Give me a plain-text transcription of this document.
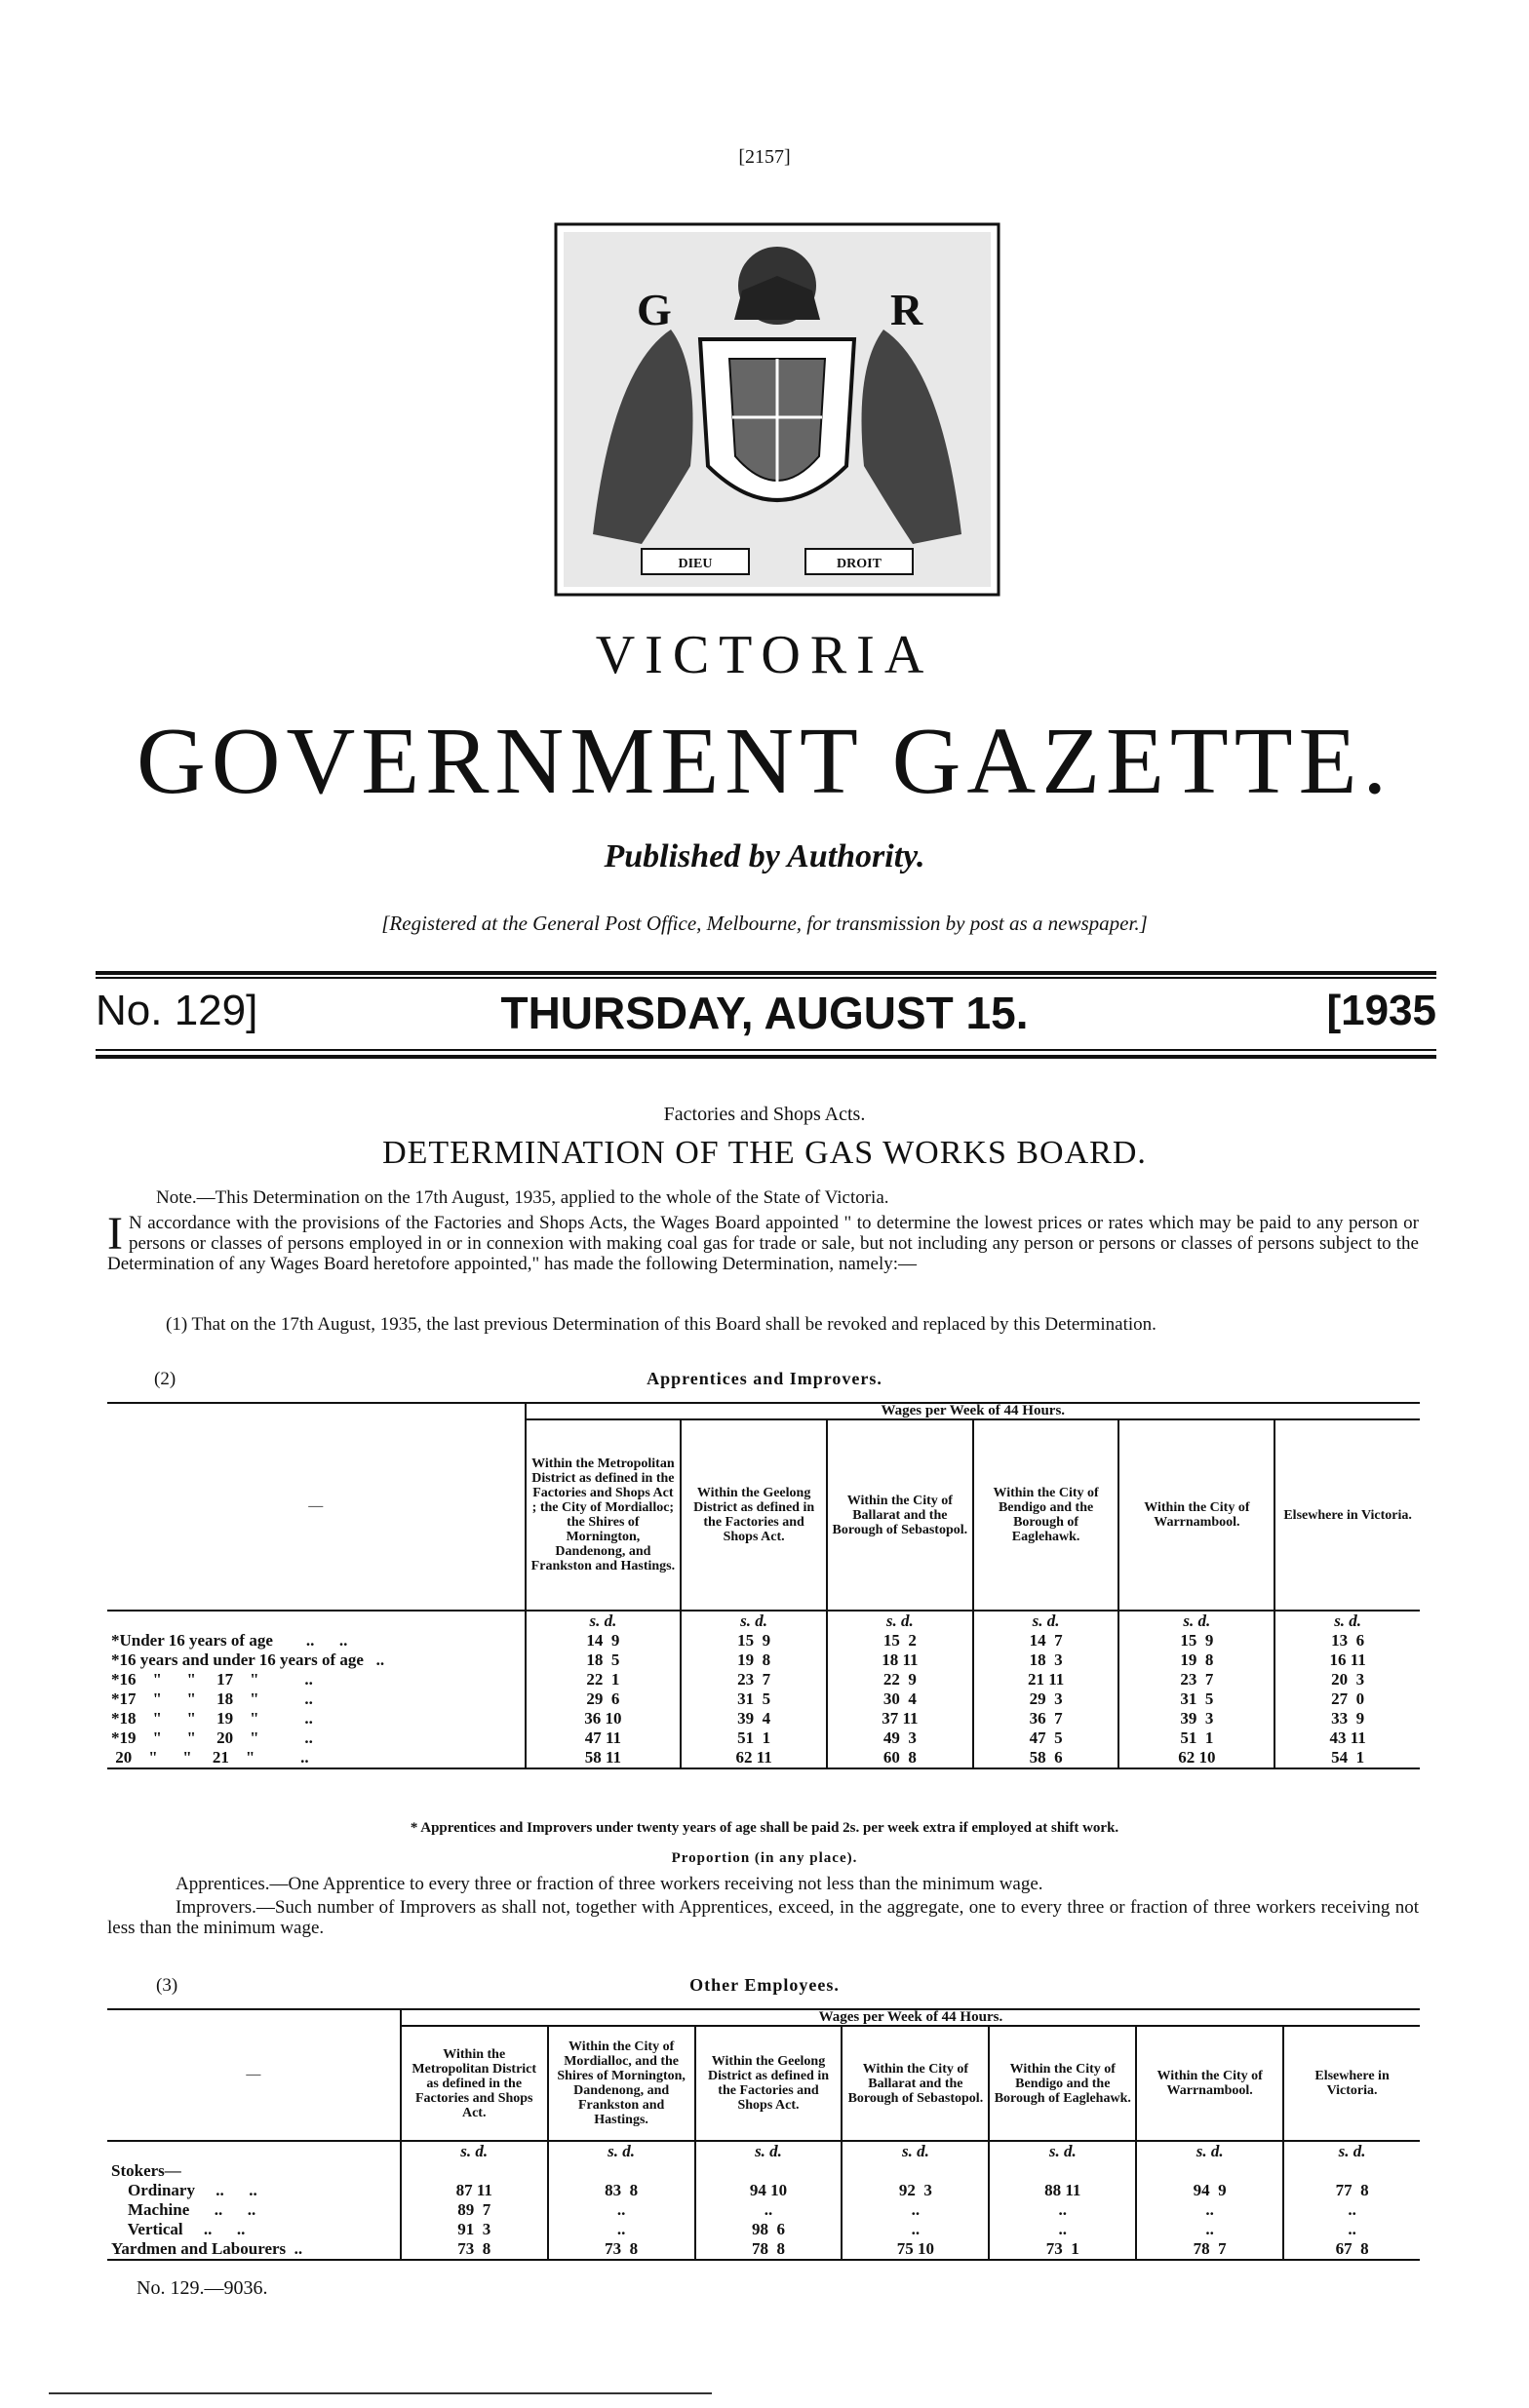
[2157]
G	R
DIEU	DROIT
VICTORIA
GOVERNMENT GAZETTE.
Published by Authority.
[Registered at the General Post Office, Melbourne, for transmission by post as a newspaper.]
No. 129]	THURSDAY, AUGUST 15.	[1935
Factories and Shops Acts.
DETERMINATION OF THE GAS WORKS BOARD.
Note.—This Determination on the 17th August, 1935, applied to the whole of the State of Victoria.
I N accordance with the provisions of the Factories and Shops Acts, the Wages Board appointed " to determine the lowest prices or rates which may be paid to any person or persons or classes of persons employed in or in connexion with making coal gas for trade or sale, but not including any person or persons or classes of persons subject to the Determination of any Wages Board heretofore appointed," has made the following Determination, namely:—
(1) That on the 17th August, 1935, the last previous Determination of this Board shall be revoked and replaced by this Determination.
(2)	Apprentices and Improvers.
—	Wages per Week of 44 Hours.					
	Within the Metropolitan District as defined in the Factories and Shops Act ; the City of Mordialloc; the Shires of Mornington, Dandenong, and Frankston and Hastings.	Within the Geelong District as defined in the Factories and Shops Act.	Within the City of Ballarat and the Borough of Sebastopol.	Within the City of Bendigo and the Borough of Eaglehawk.	Within the City of Warrnambool.	Elsewhere in Victoria.
	s. d.	s. d.	s. d.	s. d.	s. d.	s. d.
*Under 16 years of age        ..      ..	14  9	15  9	15  2	14  7	15  9	13  6
*16 years and under 16 years of age   ..	18  5	19  8	18 11	18  3	19  8	16 11
*16    "      "     17    "           ..	22  1	23  7	22  9	21 11	23  7	20  3
*17    "      "     18    "           ..	29  6	31  5	30  4	29  3	31  5	27  0
*18    "      "     19    "           ..	36 10	39  4	37 11	36  7	39  3	33  9
*19    "      "     20    "           ..	47 11	51  1	49  3	47  5	51  1	43 11
20    "      "     21    "           ..	58 11	62 11	60  8	58  6	62 10	54  1
* Apprentices and Improvers under twenty years of age shall be paid 2s. per week extra if employed at shift work.
Proportion (in any place).
Apprentices.—One Apprentice to every three or fraction of three workers receiving not less than the minimum wage.
Improvers.—Such number of Improvers as shall not, together with Apprentices, exceed, in the aggregate, one to every three or fraction of three workers receiving not less than the minimum wage.
(3)	Other Employees.
—	Wages per Week of 44 Hours.						
	Within the Metropolitan District as defined in the Factories and Shops Act.	Within the City of Mordialloc, and the Shires of Mornington, Dandenong, and Frankston and Hastings.	Within the Geelong District as defined in the Factories and Shops Act.	Within the City of Ballarat and the Borough of Sebastopol.	Within the City of Bendigo and the Borough of Eaglehawk.	Within the City of Warrnambool.	Elsewhere in Victoria.
	s. d.	s. d.	s. d.	s. d.	s. d.	s. d.	s. d.
Stokers—							
Ordinary     ..      ..	87 11	83  8	94 10	92  3	88 11	94  9	77  8
Machine      ..      ..	89  7	..	..	..	..	..	..
Vertical     ..      ..	91  3	..	98  6	..	..	..	..
Yardmen and Labourers  ..	73  8	73  8	78  8	75 10	73  1	78  7	67  8
No. 129.—9036.
